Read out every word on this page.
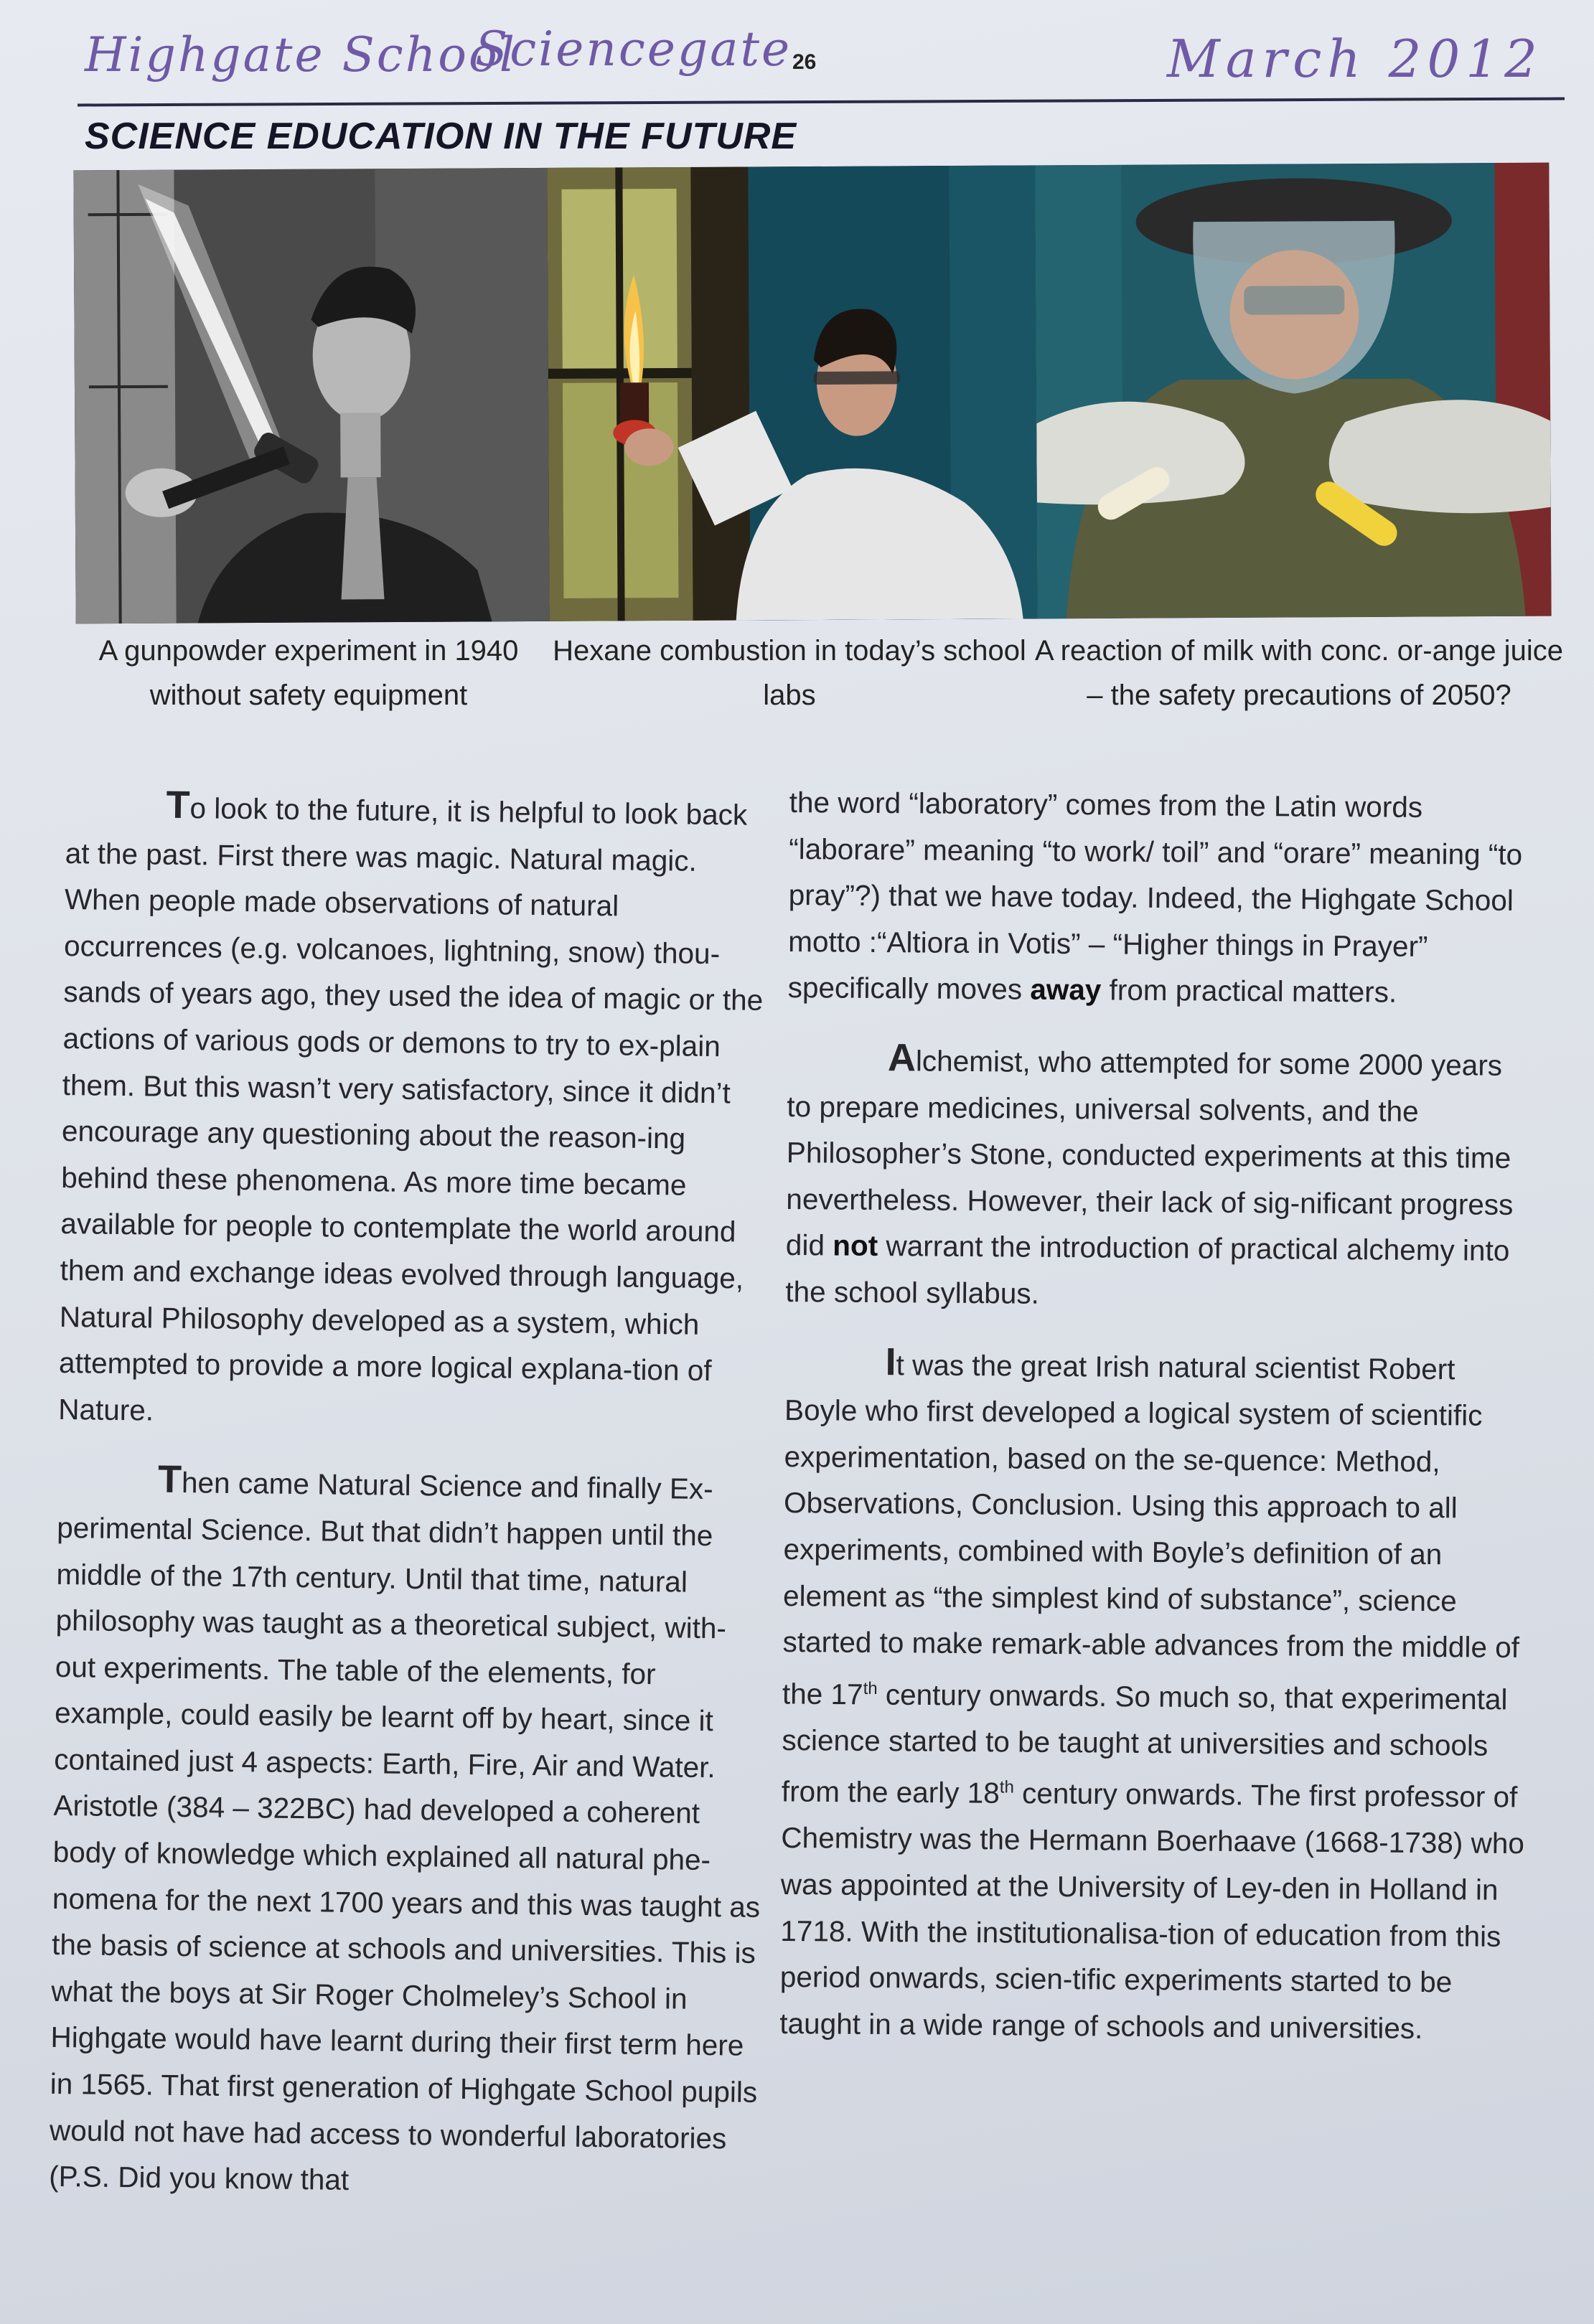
Highgate School
Sciencegate 26	March 2012
SCIENCE EDUCATION IN THE FUTURE
A gunpowder experiment in 1940 without safety equipment
Hexane combustion in today’s school labs
A reaction of milk with conc. or-ange juice – the safety precautions of 2050?

To look to the future, it is helpful to look back at the past. First there was magic. Natural magic. When people made observations of natural occurrences (e.g. volcanoes, lightning, snow) thou-sands of years ago, they used the idea of magic or the actions of various gods or demons to try to ex-plain them. But this wasn’t very satisfactory, since it didn’t encourage any questioning about the reason-ing behind these phenomena. As more time became available for people to contemplate the world around them and exchange ideas evolved through language, Natural Philosophy developed as a system, which attempted to provide a more logical explana-tion of Nature.

Then came Natural Science and finally Ex-perimental Science. But that didn’t happen until the middle of the 17th century. Until that time, natural philosophy was taught as a theoretical subject, with-out experiments. The table of the elements, for example, could easily be learnt off by heart, since it contained just 4 aspects: Earth, Fire, Air and Water. Aristotle (384 – 322BC) had developed a coherent body of knowledge which explained all natural phe-nomena for the next 1700 years and this was taught as the basis of science at schools and universities. This is what the boys at Sir Roger Cholmeley’s School in Highgate would have learnt during their first term here in 1565. That first generation of Highgate School pupils would not have had access to wonderful laboratories (P.S. Did you know that

the word “laboratory” comes from the Latin words “laborare” meaning “to work/ toil” and “orare” meaning “to pray”?) that we have today. Indeed, the Highgate School motto :“Altiora in Votis” – “Higher things in Prayer” specifically moves away from practical matters.

Alchemist, who attempted for some 2000 years to prepare medicines, universal solvents, and the Philosopher’s Stone, conducted experiments at this time nevertheless. However, their lack of sig-nificant progress did not warrant the introduction of practical alchemy into the school syllabus.

It was the great Irish natural scientist Robert Boyle who first developed a logical system of scientific experimentation, based on the se-quence: Method, Observations, Conclusion. Using this approach to all experiments, combined with Boyle’s definition of an element as “the simplest kind of substance”, science started to make remark-able advances from the middle of the 17th century onwards. So much so, that experimental science started to be taught at universities and schools from the early 18th century onwards. The first professor of Chemistry was the Hermann Boerhaave (1668-1738) who was appointed at the University of Ley-den in Holland in 1718. With the institutionalisa-tion of education from this period onwards, scien-tific experiments started to be taught in a wide range of schools and universities.
